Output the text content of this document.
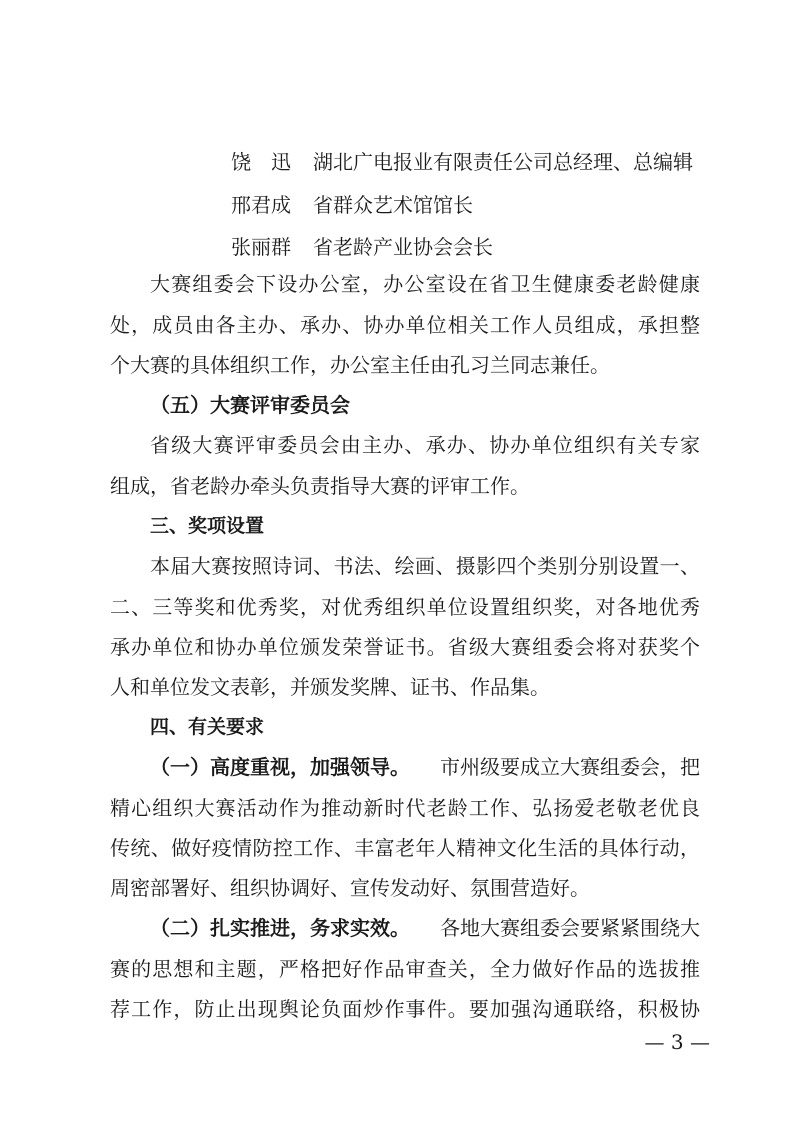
饶　迅	湖北广电报业有限责任公司总经理、总编辑
邢君成	省群众艺术馆馆长
张丽群	省老龄产业协会会长
大赛组委会下设办公室，办公室设在省卫生健康委老龄健康
处，成员由各主办、承办、协办单位相关工作人员组成，承担整
个大赛的具体组织工作，办公室主任由孔习兰同志兼任。
（五）大赛评审委员会
省级大赛评审委员会由主办、承办、协办单位组织有关专家
组成，省老龄办牵头负责指导大赛的评审工作。
三、奖项设置
本届大赛按照诗词、书法、绘画、摄影四个类别分别设置一、
二、三等奖和优秀奖，对优秀组织单位设置组织奖，对各地优秀
承办单位和协办单位颁发荣誉证书。省级大赛组委会将对获奖个
人和单位发文表彰，并颁发奖牌、证书、作品集。
四、有关要求
（一）高度重视，加强领导。 市州级要成立大赛组委会，把
精心组织大赛活动作为推动新时代老龄工作、弘扬爱老敬老优良
传统、做好疫情防控工作、丰富老年人精神文化生活的具体行动，
周密部署好、组织协调好、宣传发动好、氛围营造好。
（二）扎实推进，务求实效。 各地大赛组委会要紧紧围绕大
赛的思想和主题，严格把好作品审查关，全力做好作品的选拔推
荐工作，防止出现舆论负面炒作事件。要加强沟通联络，积极协
— 3 —
